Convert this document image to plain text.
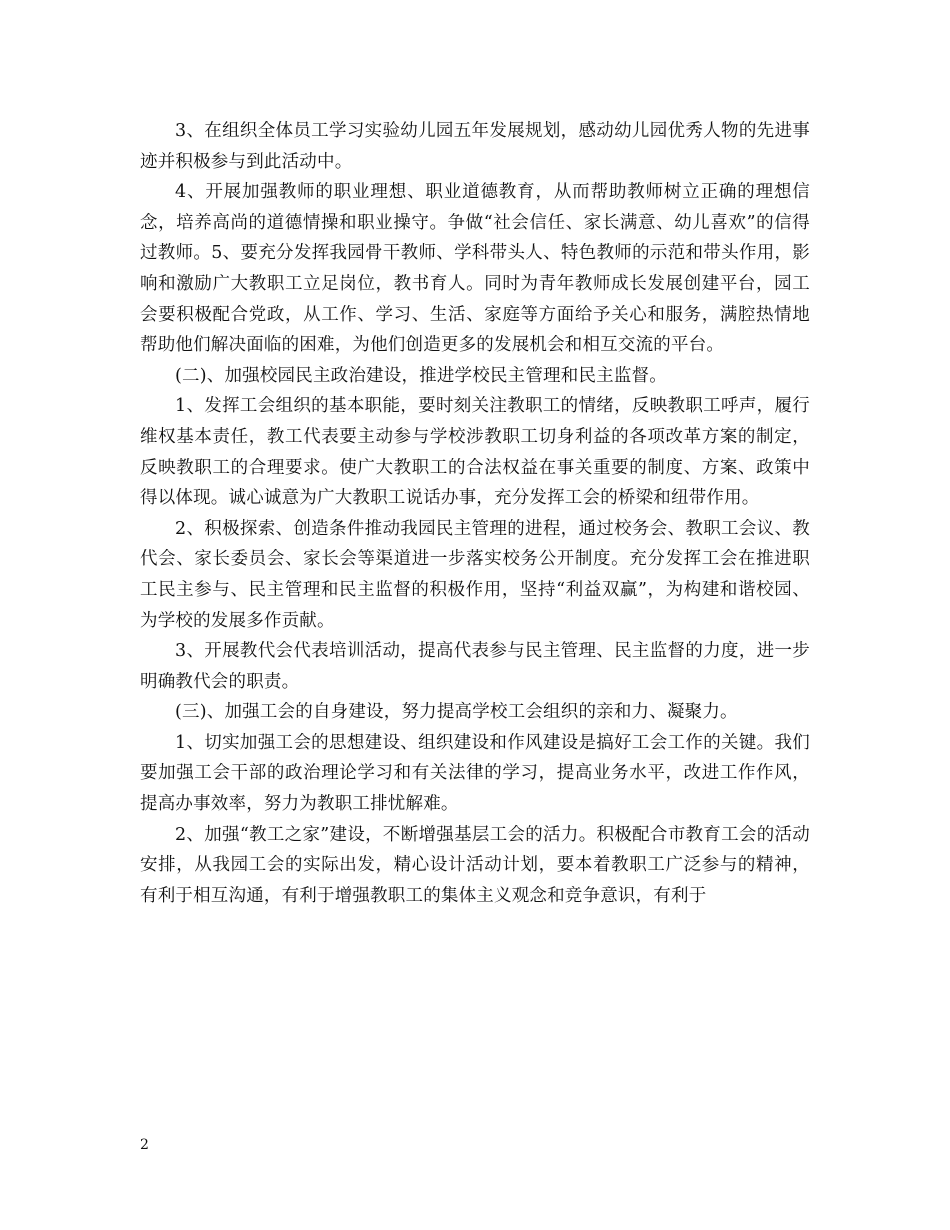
3、在组织全体员工学习实验幼儿园五年发展规划，感动幼儿园优秀人物的先进事迹并积极参与到此活动中。

4、开展加强教师的职业理想、职业道德教育，从而帮助教师树立正确的理想信念，培养高尚的道德情操和职业操守。争做“社会信任、家长满意、幼儿喜欢”的信得过教师。5、要充分发挥我园骨干教师、学科带头人、特色教师的示范和带头作用，影响和激励广大教职工立足岗位，教书育人。同时为青年教师成长发展创建平台，园工会要积极配合党政，从工作、学习、生活、家庭等方面给予关心和服务，满腔热情地帮助他们解决面临的困难，为他们创造更多的发展机会和相互交流的平台。

(二)、加强校园民主政治建设，推进学校民主管理和民主监督。

1、发挥工会组织的基本职能，要时刻关注教职工的情绪，反映教职工呼声，履行维权基本责任，教工代表要主动参与学校涉教职工切身利益的各项改革方案的制定，反映教职工的合理要求。使广大教职工的合法权益在事关重要的制度、方案、政策中得以体现。诚心诚意为广大教职工说话办事，充分发挥工会的桥梁和纽带作用。

2、积极探索、创造条件推动我园民主管理的进程，通过校务会、教职工会议、教代会、家长委员会、家长会等渠道进一步落实校务公开制度。充分发挥工会在推进职工民主参与、民主管理和民主监督的积极作用，坚持“利益双赢”，为构建和谐校园、为学校的发展多作贡献。

3、开展教代会代表培训活动，提高代表参与民主管理、民主监督的力度，进一步明确教代会的职责。

(三)、加强工会的自身建设，努力提高学校工会组织的亲和力、凝聚力。

1、切实加强工会的思想建设、组织建设和作风建设是搞好工会工作的关键。我们要加强工会干部的政治理论学习和有关法律的学习，提高业务水平，改进工作作风，提高办事效率，努力为教职工排忧解难。

2、加强“教工之家”建设，不断增强基层工会的活力。积极配合市教育工会的活动安排，从我园工会的实际出发，精心设计活动计划，要本着教职工广泛参与的精神，有利于相互沟通，有利于增强教职工的集体主义观念和竞争意识，有利于

2
